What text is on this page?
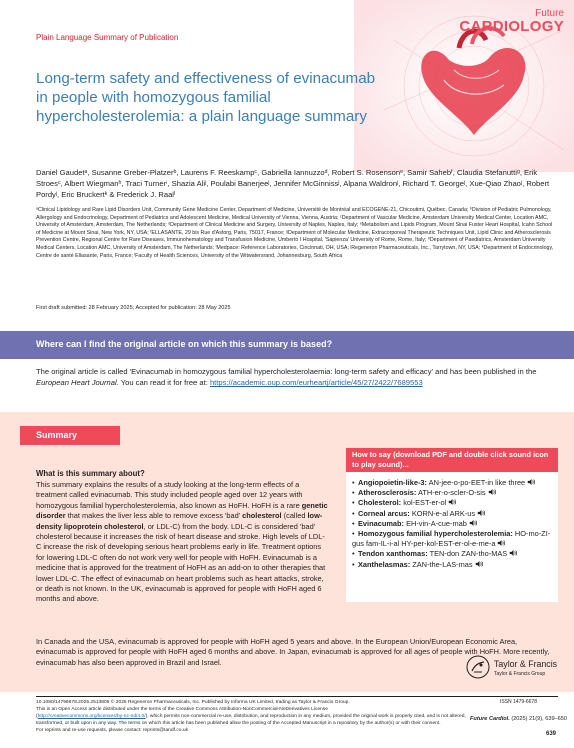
Future
CARDIOLOGY
Plain Language Summary of Publication
Long-term safety and effectiveness of evinacumab in people with homozygous familial hypercholesterolemia: a plain language summary
Daniel Gaudetᵃ, Susanne Greber-Platzerᵇ, Laurens F. Reeskampᶜ, Gabriella Iannuzzoᵈ, Robert S. Rosensonᵉ, Samir Sahebᶠ, Claudia Stefanuttiᵍ, Erik Stroesᶜ, Albert Wiegmanʰ, Traci Turnerⁱ, Shazia Aliʲ, Poulabi Banerjeeʲ, Jennifer McGinnissʲ, Alpana Waldronʲ, Richard T. Georgeʲ, Xue-Qiao Zhaoʲ, Robert Pordyʲ, Eric Bruckertᵏ & Frederick J. Raalˡ
ᵃClinical Lipidology and Rare Lipid Disorders Unit, Community Gene Medicine Center, Department of Medicine, Université de Montréal and ECOGENE-21, Chicoutimi, Québec, Canada; ᵇDivision of Pediatric Pulmonology, Allergology and Endocrinology, Department of Pediatrics and Adolescent Medicine, Medical University of Vienna, Vienna, Austria; ᶜDepartment of Vascular Medicine, Amsterdam University Medical Center, Location AMC, University of Amsterdam, Amsterdam, The Netherlands; ᵈDepartment of Clinical Medicine and Surgery, University of Naples, Naples, Italy; ᵉMetabolism and Lipids Program, Mount Sinai Fuster Heart Hospital, Icahn School of Medicine at Mount Sinai, New York, NY, USA; ᶠELLASANTE, 29 bis Rue d'Astorg, Paris, 75017, France; ᵍDepartment of Molecular Medicine, Extracorporeal Therapeutic Techniques Unit, Lipid Clinic and Atherosclerosis Prevention Centre, Regional Centre for Rare Diseases, Immunohematology and Transfusion Medicine, Umberto I Hospital, 'Sapienza' University of Rome, Rome, Italy; ʰDepartment of Paediatrics, Amsterdam University Medical Centers, Location AMC, University of Amsterdam, The Netherlands; ⁱMedpace: Reference Laboratories, Cincinnati, OH, USA; ʲRegeneron Pharmaceuticals, Inc., Tarrytown, NY, USA; ᵏDepartment of Endocrinology, Centre de santé Ellasante, Paris, France; ˡFaculty of Health Sciences, University of the Witwatersrand, Johannesburg, South Africa
First draft submitted: 28 February 2025; Accepted for publication: 28 May 2025
Where can I find the original article on which this summary is based?
The original article is called 'Evinacumab in homozygous familial hypercholesterolaemia: long-term safety and efficacy' and has been published in the European Heart Journal. You can read it for free at: https://academic.oup.com/eurheartj/article/45/27/2422/7689553
Summary
What is this summary about?
This summary explains the results of a study looking at the long-term effects of a treatment called evinacumab. This study included people aged over 12 years with homozygous familial hypercholesterolemia, also known as HoFH. HoFH is a rare genetic disorder that makes the liver less able to remove excess 'bad' cholesterol (called low-density lipoprotein cholesterol, or LDL-C) from the body. LDL-C is considered 'bad' cholesterol because it increases the risk of heart disease and stroke. High levels of LDL-C increase the risk of developing serious heart problems early in life. Treatment options for lowering LDL-C often do not work very well for people with HoFH. Evinacumab is a medicine that is approved for the treatment of HoFH as an add-on to other therapies that lower LDL-C. The effect of evinacumab on heart problems such as heart attacks, stroke, or death is not known. In the UK, evinacumab is approved for people with HoFH aged 6 months and above.
In Canada and the USA, evinacumab is approved for people with HoFH aged 5 years and above. In the European Union/European Economic Area, evinacumab is approved for people with HoFH aged 6 months and above. In Japan, evinacumab is approved for all ages of people with HoFH. More recently, evinacumab has also been approved in Brazil and Israel.
How to say (download PDF and double click sound icon to play sound)...
• Angiopoietin-like-3: AN-jee-o-po-EET-in like three
• Atherosclerosis: ATH-er-o-scler-O-sis
• Cholesterol: kol-EST-er-ol
• Corneal arcus: KORN-e-al ARK-us
• Evinacumab: EH-vin-A-cue-mab
• Homozygous familial hypercholesterolemia: HO-mo-ZI-gus fam-IL-i-al HY-per-kol-EST-er-ol-e-me-a
• Tendon xanthomas: TEN-don ZAN-tho-MAS
• Xanthelasmas: ZAN-the-LAS-mas
Taylor & Francis
Taylor & Francis Group
10.1080/14796678.2025.2513805 © 2025 Regeneron Pharmaceuticals, Inc. Published by Informa UK Limited, trading as Taylor & Francis Group.
This is an Open Access article distributed under the terms of the Creative Commons Attribution-NonCommercial-NoDerivatives License
(http://creativecommons.org/licenses/by-nc-nd/4.0/), which permits non-commercial re-use, distribution, and reproduction in any medium, provided the original work is properly cited, and is not altered, transformed, or built upon in any way. The terms on which this article has been published allow the posting of the Accepted Manuscript in a repository by the author(s) or with their consent.
For reprints and re-use requests, please contact: reprints@tandf.co.uk
ISSN 1479-6678
Future Cardiol. (2025) 21(9), 639–650
639
